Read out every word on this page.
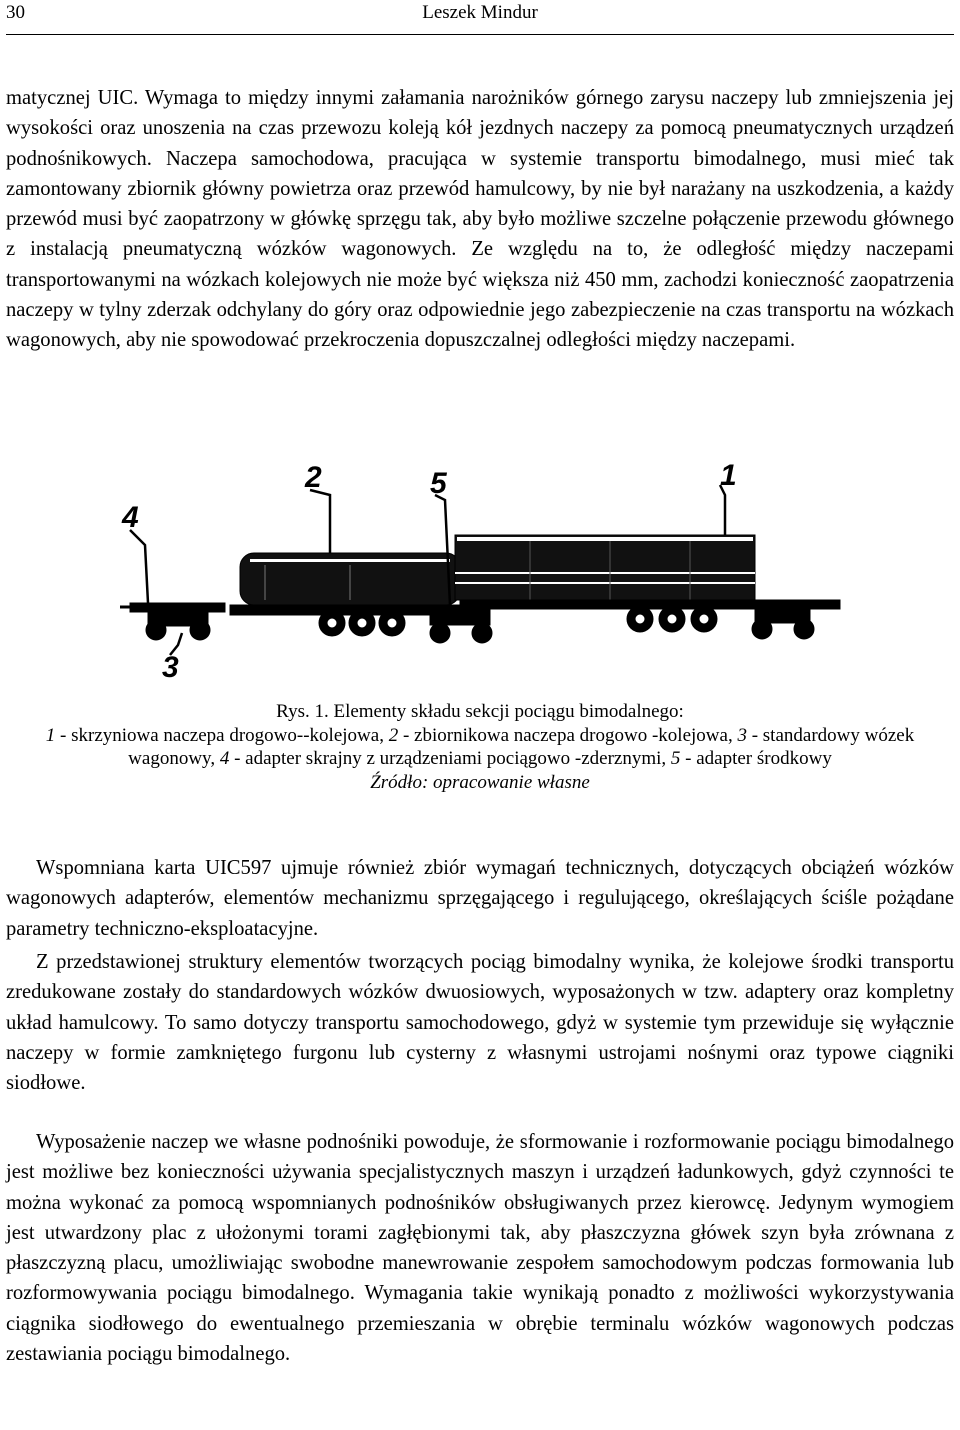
30	Leszek Mindur

matycznej UIC. Wymaga to między innymi załamania narożników górnego zarysu naczepy lub zmniejszenia jej wysokości oraz unoszenia na czas przewozu koleją kół jezdnych naczepy za pomocą pneumatycznych urządzeń podnośnikowych. Naczepa samochodowa, pracująca w systemie transportu bimodalnego, musi mieć tak zamontowany zbiornik główny powietrza oraz przewód hamulcowy, by nie był narażany na uszkodzenia, a każdy przewód musi być zaopatrzony w główkę sprzęgu tak, aby było możliwe szczelne połączenie przewodu głównego z instalacją pneumatyczną wózków wagonowych. Ze względu na to, że odległość między naczepami transportowanymi na wózkach kolejowych nie może być większa niż 450 mm, zachodzi konieczność zaopatrzenia naczepy w tylny zderzak odchylany do góry oraz odpowiednie jego zabezpieczenie na czas transportu na wózkach wagonowych, aby nie spowodować przekroczenia dopuszczalnej odległości między naczepami.

4
2	5	1
3
Rys. 1. Elementy składu sekcji pociągu bimodalnego:
1 - skrzyniowa naczepa drogowo--kolejowa, 2 - zbiornikowa naczepa drogowo -kolejowa, 3 - standardowy wózek wagonowy, 4 - adapter skrajny z urządzeniami pociągowo -zderznymi, 5 - adapter środkowy
Źródło: opracowanie własne

Wspomniana karta UIC597 ujmuje również zbiór wymagań technicznych, dotyczących obciążeń wózków wagonowych adapterów, elementów mechanizmu sprzęgającego i regulującego, określających ściśle pożądane parametry techniczno-eksploatacyjne.

Z przedstawionej struktury elementów tworzących pociąg bimodalny wynika, że kolejowe środki transportu zredukowane zostały do standardowych wózków dwuosiowych, wyposażonych w tzw. adaptery oraz kompletny układ hamulcowy. To samo dotyczy transportu samochodowego, gdyż w systemie tym przewiduje się wyłącznie naczepy w formie zamkniętego furgonu lub cysterny z własnymi ustrojami nośnymi oraz typowe ciągniki siodłowe.

Wyposażenie naczep we własne podnośniki powoduje, że sformowanie i rozformowanie pociągu bimodalnego jest możliwe bez konieczności używania specjalistycznych maszyn i urządzeń ładunkowych, gdyż czynności te można wykonać za pomocą wspomnianych podnośników obsługiwanych przez kierowcę. Jedynym wymogiem jest utwardzony plac z ułożonymi torami zagłębionymi tak, aby płaszczyzna główek szyn była zrównana z płaszczyzną placu, umożliwiając swobodne manewrowanie zespołem samochodowym podczas formowania lub rozformowywania pociągu bimodalnego. Wymagania takie wynikają ponadto z możliwości wykorzystywania ciągnika siodłowego do ewentualnego przemieszania w obrębie terminalu wózków wagonowych podczas zestawiania pociągu bimodalnego.
